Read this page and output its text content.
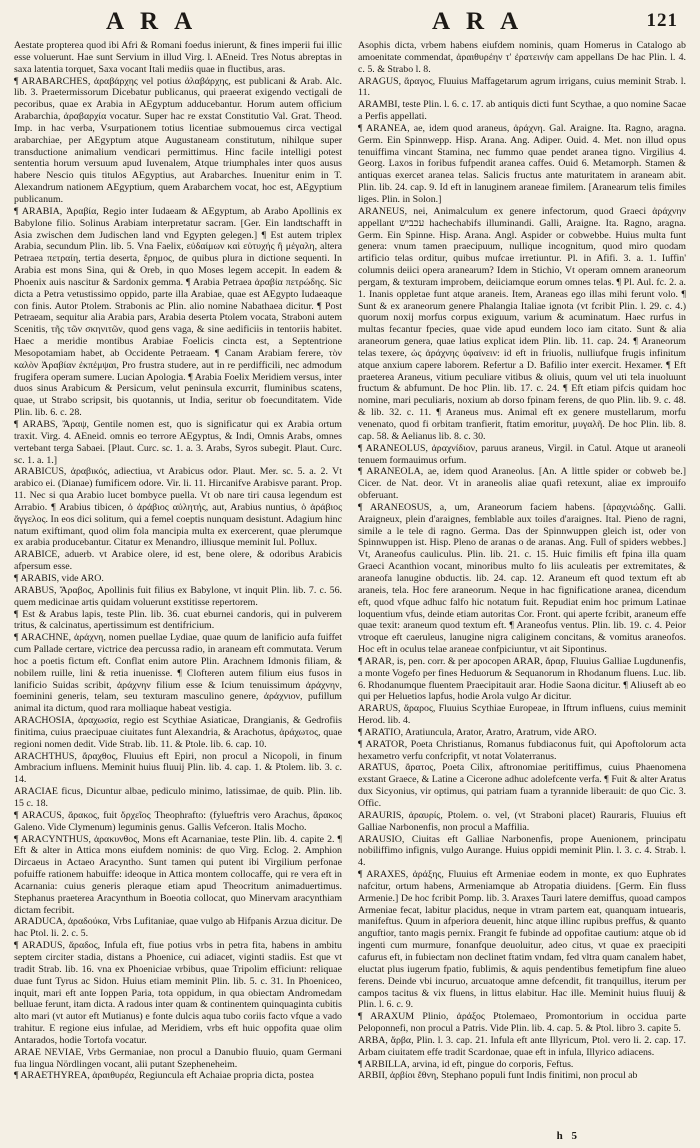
ARA	ARA	121

Aestate propterea quod ibi Afri & Romani foedus inierunt, & fines imperii fui illic esse voluerunt. Hae sunt Servium in illud Virg. l. AEneid. Tres Notus abreptas in saxa latentia torquet, Saxa vocant Itali mediis quae in fluctibus, aras.

¶ ARABARCHES, ἀραβάρχης vel potius ἀλαβάρχης, est publicani & Arab. Alc. lib. 3. Praetermissorum Dicebatur publicanus, qui praeerat exigendo vectigali de pecoribus, quae ex Arabia in AEgyptum adducebantur. Horum autem officium Arabarchia, ἀραβαρχία vocatur. Super hac re exstat Constitutio Val. Grat. Theod. Imp. in hac verba, Vsurpationem totius licentiae submouemus circa vectigal arabarchiae, per AEgyptum atque Augustaneam constitutum, nihilque super transductione animalium vendicari permittimus. Hinc facile intelligi potest sententia horum versuum apud Iuvenalem, Atque triumphales inter quos ausus habere Nescio quis titulos AEgyptius, aut Arabarches. Inuenitur enim in T. Alexandrum nationem AEgyptium, quem Arabarchem vocat, hoc est, AEgyptium publicanum.

¶ ARABIA, Ἀραβία, Regio inter Iudaeam & AEgyptum, ab Arabo Apollinis ex Babylone filio. Solinus Arabiam interpretatur sacram. [Ger. Ein landtschafft in Asia zwischen dem Judischen land vnd Egypten gelegen.] ¶ Est autem triplex Arabia, secundum Plin. lib. 5. Vna Faelix, εὐδαίμων καὶ εὐτυχής ἢ μέγαλη, altera Petraea πετραίη, tertia deserta, ἔρημος, de quibus plura in dictione sequenti. In Arabia est mons Sina, qui & Oreb, in quo Moses legem accepit. In eadem & Phoenix auis nascitur & Sardonix gemma. ¶ Arabia Petraea ἀραβία πετρώδης. Sic dicta a Petra vetustissimo oppido, parte illa Arabiae, quae est AEgypto Iudaeaque con finis. Autor Ptolem. Strabonis ac Plin. alio nomine Nabathaea dicitur. ¶ Post Petraeam, sequitur alia Arabia pars, Arabia deserta Ptolem vocata, Straboni autem Scenitis, τῆς τῶν σκηνιτῶν, quod gens vaga, & sine aedificiis in tentoriis habitet. Haec a meridie montibus Arabiae Foelicis cincta est, a Septentrione Mesopotamiam habet, ab Occidente Petraeam. ¶ Canam Arabiam ferere, τὸν καλὸν Ἀραβίαν ἐκπέμψαι, Pro frustra studere, aut in re perdifficili, nec admodum frugifera operam sumere. Lucian Apologia. ¶ Arabia Foelix Meridiem versus, inter duos sinus Arabicum & Persicum, velut peninsula excurrit, fluminibus scatens, quae, ut Strabo scripsit, bis quotannis, ut India, seritur ob foecunditatem. Vide Plin. lib. 6. c. 28.

¶ ARABS, Ἄραψ, Gentile nomen est, quo is significatur qui ex Arabia ortum traxit. Virg. 4. AEneid. omnis eo terrore AEgyptus, & Indi, Omnis Arabs, omnes vertebant terga Sabaei. [Plaut. Curc. sc. 1. a. 3. Arabs, Syros subegit. Plaut. Curc. sc. 1. a. 1.]

ARABICUS, ἀραβικός, adiectiua, vt Arabicus odor. Plaut. Mer. sc. 5. a. 2. Vt arabico ei. (Dianae) fumificem odore. Vir. li. 11. Hircanifve Arabisve parant. Prop. 11. Nec si qua Arabio lucet bombyce puella. Vt ob nare tiri causa legendum est Arrabio. ¶ Arabius tibicen, ὁ ἀράβιος αὐλητής, aut, Arabius nuntius, ὁ ἀράβιος ἄγγελος. In eos dici solitum, qui a femel coeptis nunquam desistunt. Adagium hinc natum exiftimant, quod olim fola mancipia multa ex exercerent, quae plerumque ex arabia producebantur. Citatur ex Menandro, illiusque meminit Iul. Pollux.

ARABICE, aduerb. vt Arabice olere, id est, bene olere, & odoribus Arabicis afpersum esse.

¶ ARABIS, vide ARO.

ARABUS, Ἄραβος, Apollinis fuit filius ex Babylone, vt inquit Plin. lib. 7. c. 56. quem medicinae artis quidam voluerunt exstitisse repertorem.

¶ Est & Arabus lapis, teste Plin. lib. 36. cuat eburnei candoris, qui in pulverem tritus, & calcinatus, apertissimum est dentifricium.

¶ ARACHNE, ἀράχνη, nomen puellae Lydiae, quae quum de lanificio aufa fuiffet cum Pallade certare, victrice dea percussa radio, in araneam eft commutata. Verum hoc a poetis fictum eft. Conflat enim autore Plin. Arachnem Idmonis filiam, & nobilem ruille, lini & retia inuenisse. ¶ Clofteren autem filium eius fusos in lanificio Suidas scribit, ἀράχνην filium esse & Icium tenuissimum ἀράχνην, foeminini generis, telam, seu texturam masculino genere, ἀράχνιον, pufillum animal ita dictum, quod rara molliaque habeat vestigia.

ARACHOSIA, ἀραχωσία, regio est Scythiae Asiaticae, Drangianis, & Gedrofiis finitima, cuius praecipuae ciuitates funt Alexandria, & Arachotus, ἀράχωτος, quae regioni nomen dedit. Vide Strab. lib. 11. & Ptole. lib. 6. cap. 10.

ARACHTHUS, ἄραχθος, Fluuius eft Epiri, non procul a Nicopoli, in finum Ambracium influens. Meminit huius fluuij Plin. lib. 4. cap. 1. & Ptolem. lib. 3. c. 14.

ARACIAE ficus, Dicuntur albae, pediculo minimo, latissimae, de quib. Plin. lib. 15 c. 18.

¶ ARACUS, ἄρακος, fuit ὄρχεῖος Theophrafto: (fylueftris vero Arachus, ἄρακος Galeno. Vide Clymenum) leguminis genus. Gallis Vefceron. Italis Mocho.

¶ ARACYNTHUS, ἀρακυνθος, Mons eft Acarnaniae, teste Plin. lib. 4. capite 2. ¶ Eft & alter in Attica mons eiufdem nominis: de quo Virg. Eclog. 2. Amphion Dircaeus in Actaeo Aracyntho. Sunt tamen qui putent ibi Virgilium perfonae pofuiffe rationem habuiffe: ideoque in Attica montem collocaffe, qui re vera eft in Acarnania: cuius generis pleraque etiam apud Theocritum animaduertimus. Stephanus praeterea Aracynthum in Boeotia collocat, quo Minervam aracynthiam dictam fecribit.

ARADUCA, ἀραδούκα, Vrbs Lufitaniae, quae vulgo ab Hifpanis Arzua dicitur. De hac Ptol. li. 2. c. 5.

¶ ARADUS, ἄραδος, Infula eft, fiue potius vrbs in petra fita, habens in ambitu septem circiter stadia, distans a Phoenice, cui adiacet, viginti stadiis. Est que vt tradit Strab. lib. 16. vna ex Phoeniciae vrbibus, quae Tripolim efficiunt: reliquae duae funt Tyrus ac Sidon. Huius etiam meminit Plin. lib. 5. c. 31. In Phoeniceo, inquit, mari eft ante Ioppen Paria, tota oppidum, in qua obiectam Andromedam belluae ferunt, itam dicta. A radous inter quam & continentem quinquaginta cubitis alto mari (vt autor eft Mutianus) e fonte dulcis aqua tubo coriis facto vfque a vado trahitur. E regione eius infulae, ad Meridiem, vrbs eft huic oppofita quae olim Antarados, hodie Tortofa vocatur.

ARAE NEVIAE, Vrbs Germaniae, non procul a Danubio fluuio, quam Germani fua lingua Nördlingen vocant, alii putant Szepheneheim.

¶ ARAETHYREA, ἀραιθυρέα, Regiuncula eft Achaiae propria dicta, postea

Asophis dicta, vrbem habens eiufdem nominis, quam Homerus in Catalogo ab amoenitate commendat, ἀραιθυρέην τ' ἐρατεινήν cam appellans De hac Plin. l. 4. c. 5. & Strabo l. 8.

ARAGUS, ἄραγος, Fluuius Maffagetarum agrum irrigans, cuius meminit Strab. l. 11.

ARAMBI, teste Plin. l. 6. c. 17. ab antiquis dicti funt Scythae, a quo nomine Sacae a Perfis appellati.

¶ ARANEA, ae, idem quod araneus, ἀράχνη. Gal. Araigne. Ita. Ragno, aragna. Germ. Ein Spinnwepp. Hisp. Arana. Ang. Adiper. Ouid. 4. Met. non illud opus tenuiffima vincant Stamina, nec fummo quae pendet aranea tigno. Virgilius 4. Georg. Laxos in foribus fufpendit aranea caffes. Ouid 6. Metamorph. Stamen & antiquas exercet aranea telas. Salicis fructus ante maturitatem in araneam abit. Plin. lib. 24. cap. 9. Id eft in lanuginem araneae fimilem. [Aranearum telis fimiles liges. Plin. in Solon.]

ARANEUS, nei, Animalculum ex genere infectorum, quod Graeci ἀράχνην appellant עכביש hachechabifs illuminandi. Galli, Araigne. Ita. Ragno, aragna. Germ. Ein Spinne. Hisp. Arana. Angl. Aspider or cobwebbe. Huius multa funt genera: vnum tamen praecipuum, nullique incognitum, quod miro quodam artificio telas orditur, quibus mufcae irretiuntur. Pl. in Afifi. 3. a. 1. Iuffin' columnis deiici opera aranearum? Idem in Stichio, Vt operam omnem araneorum pergam, & texturam improbem, deiiciamque eorum omnes telas. ¶ Pl. Aul. fc. 2. a. 1. Inanis oppletae funt atque araneis. Item, Araneas ego illas mihi ferunt volo. ¶ Sunt & ex araneorum genere Phalangia Italiae ignota (vt fcribit Plin. l. 29. c. 4.) quorum noxij morfus corpus exiguum, varium & acuminatum. Haec rurfus in multas fecantur fpecies, quae vide apud eundem loco iam citato. Sunt & alia araneorum genera, quae latius explicat idem Plin. lib. 11. cap. 24. ¶ Araneorum telas texere, ὡς ἀράχνης ὑφαίνειν: id eft in friuolis, nulliufque frugis infinitum atque anxium capere laborem. Refertur a D. Bafilio inter exercit. Hexamer. ¶ Eft praeterea Araneus, vitium peculiare vitibus & oliuis, quum vel uti tela inuoluunt fructum & abfumunt. De hoc Plin. lib. 17. c. 24. ¶ Eft etiam pifcis quidam hoc nomine, mari peculiaris, noxium ab dorso fpinam ferens, de quo Plin. lib. 9. c. 48. & lib. 32. c. 11. ¶ Araneus mus. Animal eft ex genere mustellarum, morfu venenato, quod fi orbitam tranfierit, ftatim emoritur, μυγαλῆ. De hoc Plin. lib. 8. cap. 58. & Aelianus lib. 8. c. 30.

¶ ARANEOLUS, ἀραχνίδιον, paruus araneus, Virgil. in Catul. Atque ut araneoli tenuem formauimus orfum.

¶ ARANEOLA, ae, idem quod Araneolus. [An. A little spider or cobweb be.] Cicer. de Nat. deor. Vt in araneolis aliae quafi retexunt, aliae ex improuifo obferuant.

¶ ARANEOSUS, a, um, Araneorum faciem habens. [ἀραχνιώδης. Galli. Araigneux, plein d'araignes, femblable aux toiles d'araignes. Ital. Pieno de ragni, simile a le tele di ragno. Germa. Das der Spinnwuppen gleich ist, oder von Spinnwuppen ist. Hisp. Pleno de aranas o de aranas. Ang. Full of spiders webbes.] Vt, Araneofus cauliculus. Plin. lib. 21. c. 15. Huic fimilis eft fpina illa quam Graeci Acanthion vocant, minoribus multo fo liis aculeatis per extremitates, & araneofa lanugine obductis. lib. 24. cap. 12. Araneum eft quod textum eft ab araneis, tela. Hoc fere araneorum. Neque in hac fignificatione aranea, dicendum eft, quod vfque adhuc falfo hic notatum fuit. Repudiat enim hoc primum Latinae loquentium vfus, deinde etiam autoritas Cor. Front. qui aperte fcribit, araneum effe quae texit: araneum quod textum eft. ¶ Araneofus ventus. Plin. lib. 19. c. 4. Peior vtroque eft caeruleus, lanugine nigra caliginem concitans, & vomitus araneofos. Hoc eft in oculus telae araneae confpiciuntur, vt ait Sipontinus.

¶ ARAR, is, pen. corr. & per apocopen ARAR, ἄραρ, Fluuius Galliae Lugdunenfis, a monte Vogefo per fines Heduorum & Sequanorum in Rhodanum fluens. Luc. lib. 6. Rhodanumque fluentem Praecipitauit arar. Hodie Saona dicitur. ¶ Aliuseft ab eo qui per Heluetios lapfus, hodie Arola vulgo Ar dicitur.

ARARUS, ἄραρος, Fluuius Scythiae Europeae, in Iftrum influens, cuius meminit Herod. lib. 4.

¶ ARATIO, Aratiuncula, Arator, Aratro, Aratrum, vide ARO.

¶ ARATOR, Poeta Christianus, Romanus fubdiaconus fuit, qui Apoftolorum acta hexametro verfu confcripfit, vt notat Volaterranus.

ARATUS, ἄρατος, Poeta Cilix, aftronomiae peritiffimus, cuius Phaenomena exstant Graece, & Latine a Cicerone adhuc adolefcente verfa. ¶ Fuit & alter Aratus dux Sicyonius, vir optimus, qui patriam fuam a tyrannide liberauit: de quo Cic. 3. Offic.

ARAURIS, ἀραυρίς, Ptolem. o. vel, (vt Straboni placet) Rauraris, Fluuius eft Galliae Narbonenfis, non procul a Maffilia.

ARAUSIO, Ciuitas eft Galliae Narbonenfis, prope Auenionem, principatu nobiliffimo infignis, vulgo Aurange. Huius oppidi meminit Plin. l. 3. c. 4. Strab. l. 4.

¶ ARAXES, ἀράξης, Fluuius eft Armeniae eodem in monte, ex quo Euphrates nafcitur, ortum habens, Armeniamque ab Atropatia diuidens. [Germ. Ein fluss Armenie.] De hoc fcribit Pomp. lib. 3. Araxes Tauri latere demiffus, quoad campos Armeniae fecat, labitur placidus, neque in vtram partem eat, quanquam intuearis, manifeftus. Quum in afperiora deuenit, hinc atque illinc rupibus preffus, & quanto anguftior, tanto magis pernix. Frangit fe fubinde ad oppofitae cautium: atque ob id ingenti cum murmure, fonanfque deuoluitur, adeo citus, vt quae ex praecipiti cafurus eft, in fubiectam non declinet ftatim vndam, fed vltra quam canalem habet, eluctat plus iugerum fpatio, fublimis, & aquis pendentibus femetipfum fine alueo ferens. Deinde vbi incuruo, arcuatoque amne defcendit, fit tranquillus, iterum per campos tacitus & vix fluens, in littus elabitur. Hac ille. Meminit huius fluuij & Plin. l. 6. c. 9.

¶ ARAXUM Plinio, ἀράξος Ptolemaeo, Promontorium in occidua parte Peloponnefi, non procul a Patris. Vide Plin. lib. 4. cap. 5. & Ptol. libro 3. capite 5.

ARBA, ἄρβα, Plin. l. 3. cap. 21. Infula eft ante Illyricum, Ptol. vero li. 2. cap. 17. Arbam ciuitatem effe tradit Scardonae, quae eft in infula, Illyrico adiacens.

¶ ARBILLA, arvina, id eft, pingue do corporis, Feftus.

ARBII, ἀρβίοι ἔθνη, Stephano populi funt Indis finitimi, non procul ab

h 5
